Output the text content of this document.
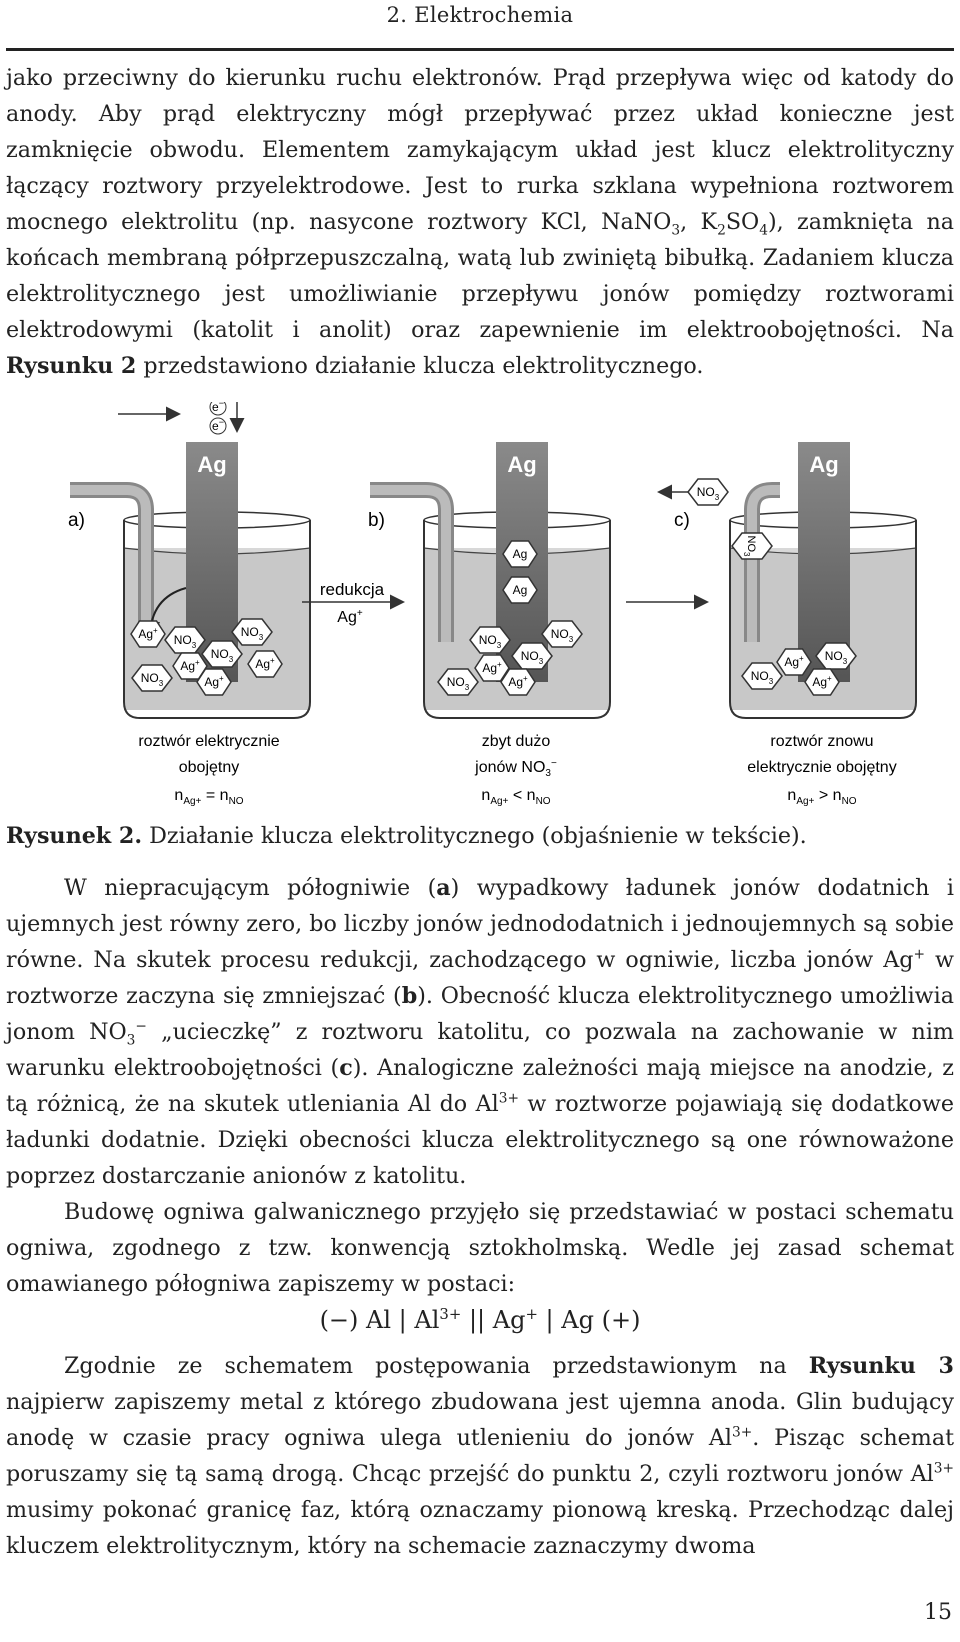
2. Elektrochemia

jako przeciwny do kierunku ruchu elektronów. Prąd przepływa więc od katody do anody. Aby prąd elektryczny mógł przepływać przez układ konieczne jest zamknięcie obwodu. Elementem zamykającym układ jest klucz elektrolityczny łączący roztwory przyelektrodowe. Jest to rurka szklana wypełniona roztworem mocnego elektrolitu (np. nasycone roztwory KCl, NaNO$_3$, $K_2SO_4$), zamknięta na końcach membraną półprzepuszczalną, watą lub zwiniętą bibułką. Zadaniem klucza elektrolitycznego jest umożliwianie przepływu jonów pomiędzy roztworami elektrodowymi (katolit i anolit) oraz zapewnienie im elektroobojętności. Na Rysunku 2 przedstawiono działanie klucza elektrolitycznego.

e−
e−
a)
Ag
Ag+
$NO_3$
$NO_3$
$NO_3$
Ag+	Ag+
$NO_3$	Ag+
roztwór elektrycznie
obojętny
$n_{Ag+} = n_{NO}$
redukcja
Ag+
b)
Ag
Ag
Ag
$NO_3$
$NO_3$
$NO_3$
Ag+
$NO_3$	Ag+
zbyt dużo
jonów $NO_3^-$
$n_{Ag+} < n_{NO}$
c)
$NO_3$
$NO_3$
Ag
Ag+ $NO_3$
$NO_3$	Ag+
roztwór znowu
elektrycznie obojętny
$n_{Ag+} > n_{NO}$
Rysunek 2. Działanie klucza elektrolitycznego (objaśnienie w tekście).

W niepracującym półogniwie (a) wypadkowy ładunek jonów dodatnich i ujemnych jest równy zero, bo liczby jonów jednododatnich i jednoujemnych są sobie równe. Na skutek procesu redukcji, zachodzącego w ogniwie, liczba jonów Ag+ w roztworze zaczyna się zmniejszać (b). Obecność klucza elektrolitycznego umożliwia jonom $NO_3^-$ „ucieczkę” z roztworu katolitu, co pozwala na zachowanie w nim warunku elektroobojętności (c). Analogiczne zależności mają miejsce na anodzie, z tą różnicą, że na skutek utleniania Al do $Al^{3+}$ w roztworze pojawiają się dodatkowe ładunki dodatnie. Dzięki obecności klucza elektrolitycznego są one równoważone poprzez dostarczanie anionów z katolitu.

Budowę ogniwa galwanicznego przyjęło się przedstawiać w postaci schematu ogniwa, zgodnego z tzw. konwencją sztokholmską. Wedle jej zasad schemat omawianego półogniwa zapiszemy w postaci:

(−) Al | $Al^{3+}$ || Ag+ | Ag (+)

Zgodnie ze schematem postępowania przedstawionym na Rysunku 3 najpierw zapiszemy metal z którego zbudowana jest ujemna anoda. Glin budujący anodę w czasie pracy ogniwa ulega utlenieniu do jonów $Al^{3+}$. Pisząc schemat poruszamy się tą samą drogą. Chcąc przejść do punktu 2, czyli roztworu jonów $Al^{3+}$ musimy pokonać granicę faz, którą oznaczamy pionową kreską. Przechodząc dalej kluczem elektrolitycznym, który na schemacie zaznaczymy dwoma

15
